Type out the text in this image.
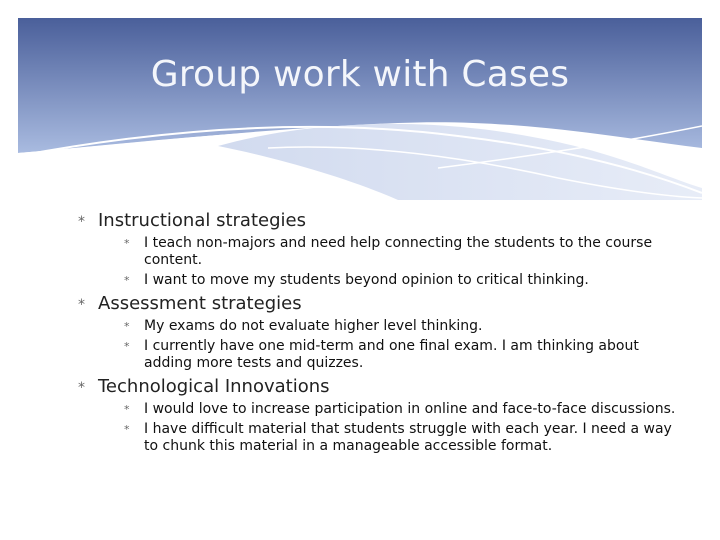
Group work with Cases
* Instructional strategies
* I teach non-majors and need help connecting the students to the course content.
* I want to move my students beyond opinion to critical thinking.
* Assessment strategies
* My exams do not evaluate higher level thinking.
* I currently have one mid-term and one final exam. I am thinking about adding more tests and quizzes.
* Technological Innovations
* I would love to increase participation in online and face-to-face discussions.
* I have difficult material that students struggle with each year. I need a way to chunk this material in a manageable accessible format.
